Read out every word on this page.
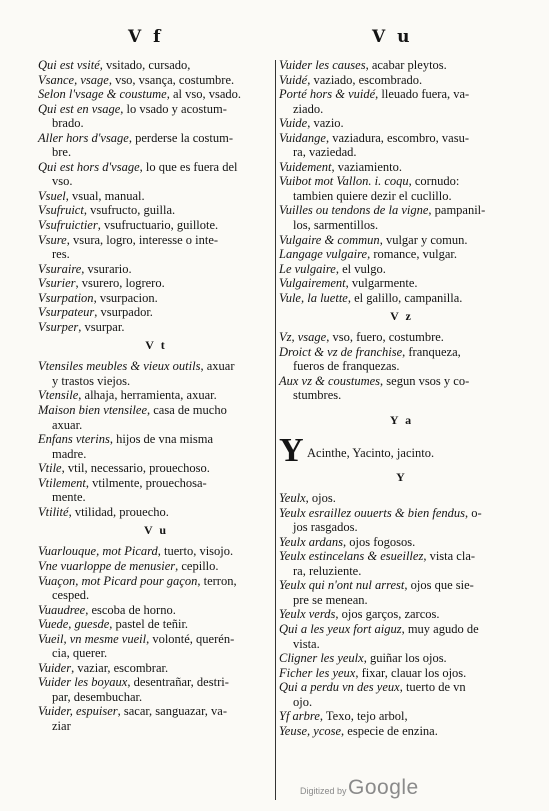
V f	V u

Qui est vsité, vsitado, cursado,

Vsance, vsage, vso, vsança, costumbre.

Selon l'vsage & coustume, al vso, vsado.

Qui est en vsage, lo vsado y acostum-
brado.

Aller hors d'vsage, perderse la costum-
bre.

Qui est hors d'vsage, lo que es fuera del
vso.

Vsuel, vsual, manual.

Vsufruict, vsufructo, guilla.

Vsufruictier, vsufructuario, guillote.

Vsure, vsura, logro, interesse o inte-
res.

Vsuraire, vsurario.

Vsurier, vsurero, logrero.

Vsurpation, vsurpacion.

Vsurpateur, vsurpador.

Vsurper, vsurpar.

V t

Vtensiles meubles & vieux outils, axuar
y trastos viejos.

Vtensile, alhaja, herramienta, axuar.

Maison bien vtensilee, casa de mucho
axuar.

Enfans vterins, hijos de vna misma
madre.

Vtile, vtil, necessario, prouechoso.

Vtilement, vtilmente, prouechosa-
mente.

Vtilité, vtilidad, prouecho.

V u

Vuarlouque, mot Picard, tuerto, visojo.

Vne vuarloppe de menusier, cepillo.

Vuaçon, mot Picard pour gaçon, terron,
cesped.

Vuaudree, escoba de horno.

Vuede, guesde, pastel de teñir.

Vueil, vn mesme vueil, volonté, querén-
cia, querer.

Vuider, vaziar, escombrar.

Vuider les boyaux, desentrañar, destri-
par, desembuchar.

Vuider, espuiser, sacar, sanguazar, va-
ziar

Vuider les causes, acabar pleytos.

Vuidé, vaziado, escombrado.

Porté hors & vuidé, lleuado fuera, va-
ziado.

Vuide, vazio.

Vuidange, vaziadura, escombro, vasu-
ra, vaziedad.

Vuidement, vaziamiento.

Vuibot mot Vallon. i. coqu, cornudo:
tambien quiere dezir el cuclillo.

Vuilles ou tendons de la vigne, pampanil-
los, sarmentillos.

Vulgaire & commun, vulgar y comun.

Langage vulgaire, romance, vulgar.

Le vulgaire, el vulgo.

Vulgairement, vulgarmente.

Vule, la luette, el galillo, campanilla.

V z

Vz, vsage, vso, fuero, costumbre.

Droict & vz de franchise, franqueza,
fueros de franquezas.

Aux vz & coustumes, segun vsos y co-
stumbres.

Y a
Y Acinthe, Yacinto, jacinto.
Y

Yeulx, ojos.

Yeulx esraillez ouuerts & bien fendus, o-
jos rasgados.

Yeulx ardans, ojos fogosos.

Yeulx estincelans & esueillez, vista cla-
ra, reluziente.

Yeulx qui n'ont nul arrest, ojos que sie-
pre se menean.

Yeulx verds, ojos garços, zarcos.

Qui a les yeux fort aiguz, muy agudo de
vista.

Cligner les yeulx, guiñar los ojos.

Ficher les yeux, fixar, clauar los ojos.

Qui a perdu vn des yeux, tuerto de vn
ojo.

Yf arbre, Texo, tejo arbol,

Yeuse, ycose, especie de enzina.

Digitized by Google
